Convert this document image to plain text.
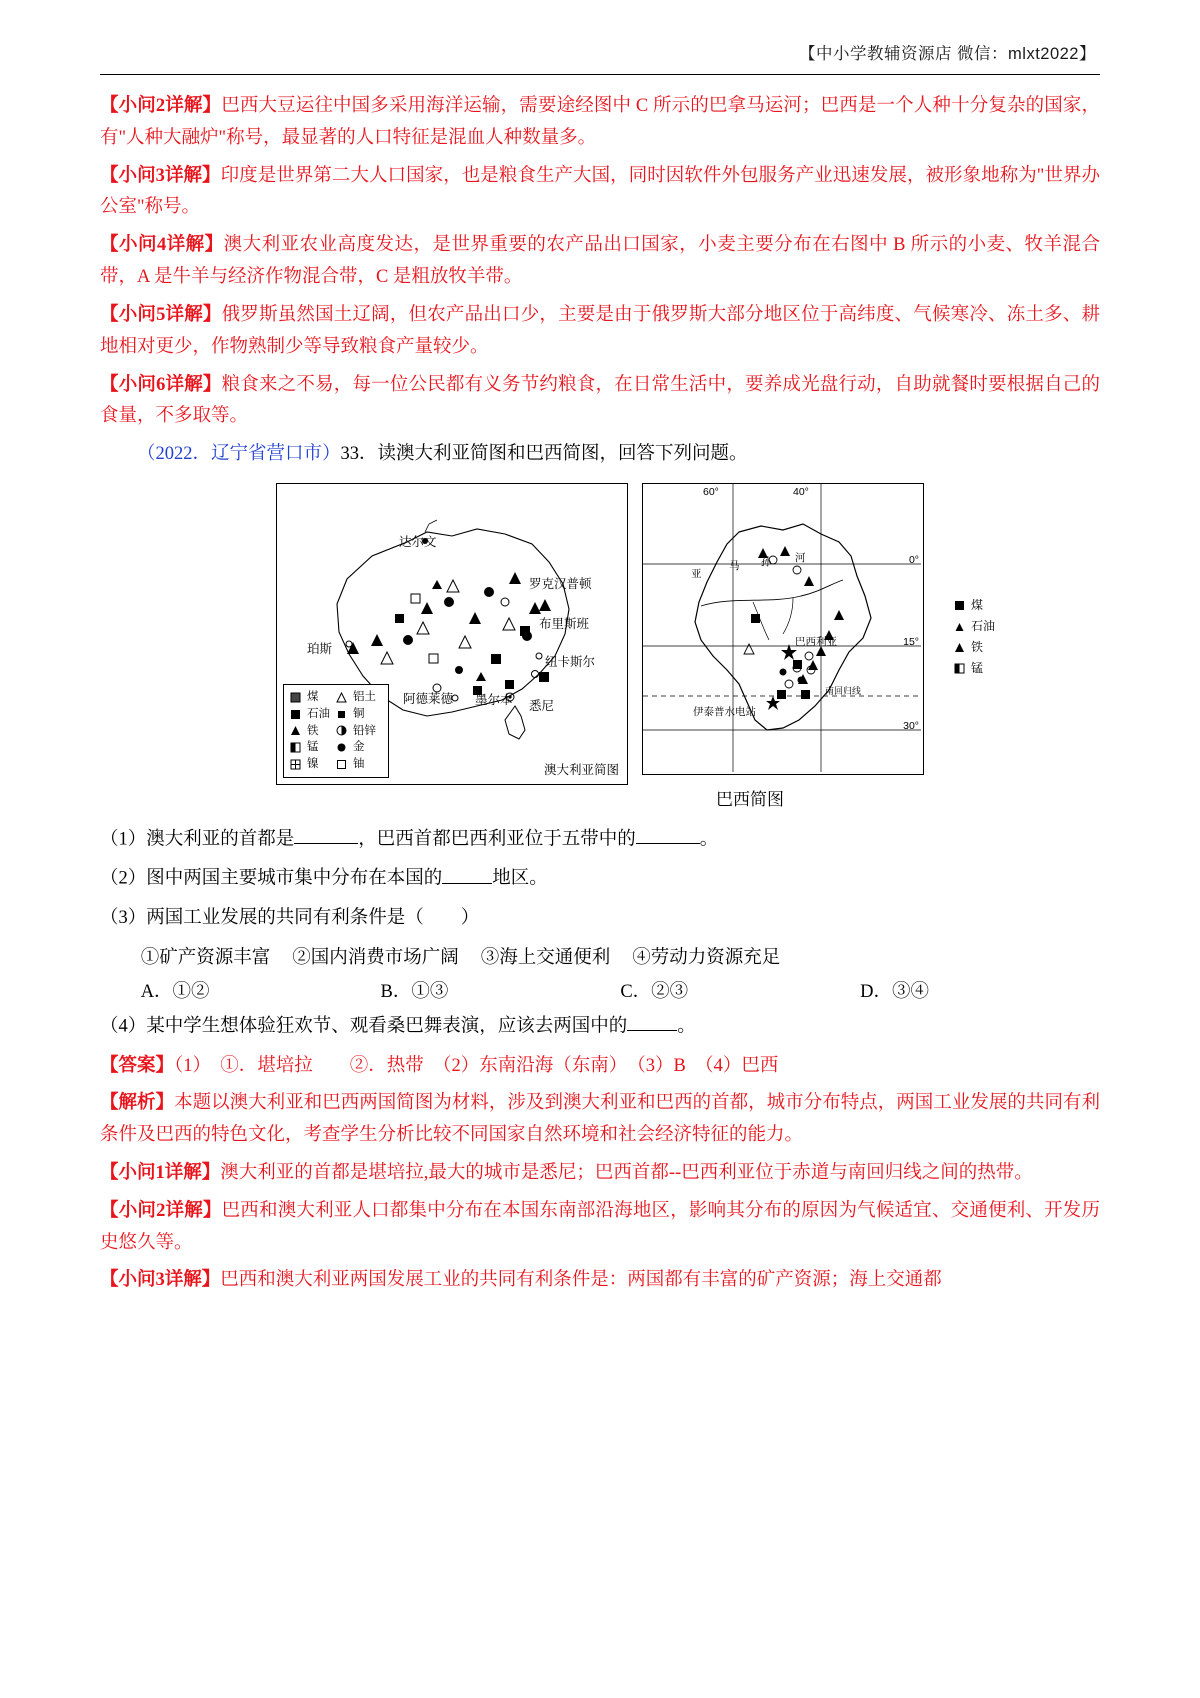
【中小学教辅资源店 微信：mlxt2022】

【小问2详解】巴西大豆运往中国多采用海洋运输，需要途经图中 C 所示的巴拿马运河；巴西是一个人种十分复杂的国家，有"人种大融炉"称号，最显著的人口特征是混血人种数量多。

【小问3详解】印度是世界第二大人口国家，也是粮食生产大国，同时因软件外包服务产业迅速发展，被形象地称为"世界办公室"称号。

【小问4详解】澳大利亚农业高度发达，是世界重要的农产品出口国家，小麦主要分布在右图中 B 所示的小麦、牧羊混合带，A 是牛羊与经济作物混合带，C 是粗放牧羊带。

【小问5详解】俄罗斯虽然国土辽阔，但农产品出口少，主要是由于俄罗斯大部分地区位于高纬度、气候寒冷、冻土多、耕地相对更少，作物熟制少等导致粮食产量较少。

【小问6详解】粮食来之不易，每一位公民都有义务节约粮食，在日常生活中，要养成光盘行动，自助就餐时要根据自己的食量，不多取等。

（2022．辽宁省营口市）33．读澳大利亚简图和巴西简图，回答下列问题。

达尔文
罗克汉普顿
布里斯班
珀斯
纽卡斯尔
阿德莱德 墨尔本 悉尼
	煤		铝土

	石油		铜

	铁		铅锌

	锰		金

	镍		铀	澳大利亚简图
60°	40°
0°
15°
30°
亚
马 孙 河
巴西利亚
伊泰普水电站
南回归线
	煤

	石油

	铁

	锰
巴西简图

（1）澳大利亚的首都是	，巴西首都巴西利亚位于五带中的	。

（2）图中两国主要城市集中分布在本国的	地区。

（3）两国工业发展的共同有利条件是（　　）

①矿产资源丰富 ②国内消费市场广阔 ③海上交通便利 ④劳动力资源充足
A．①②	B．①③	C．②③	D．③④

（4）某中学生想体验狂欢节、观看桑巴舞表演，应该去两国中的	。

【答案】（1）　①．堪培拉　　②．热带　（2）东南沿海（东南）　（3）B　（4）巴西

【解析】本题以澳大利亚和巴西两国简图为材料，涉及到澳大利亚和巴西的首都，城市分布特点，两国工业发展的共同有利条件及巴西的特色文化，考查学生分析比较不同国家自然环境和社会经济特征的能力。

【小问1详解】澳大利亚的首都是堪培拉,最大的城市是悉尼；巴西首都--巴西利亚位于赤道与南回归线之间的热带。

【小问2详解】巴西和澳大利亚人口都集中分布在本国东南部沿海地区，影响其分布的原因为气候适宜、交通便利、开发历史悠久等。

【小问3详解】巴西和澳大利亚两国发展工业的共同有利条件是：两国都有丰富的矿产资源；海上交通都
